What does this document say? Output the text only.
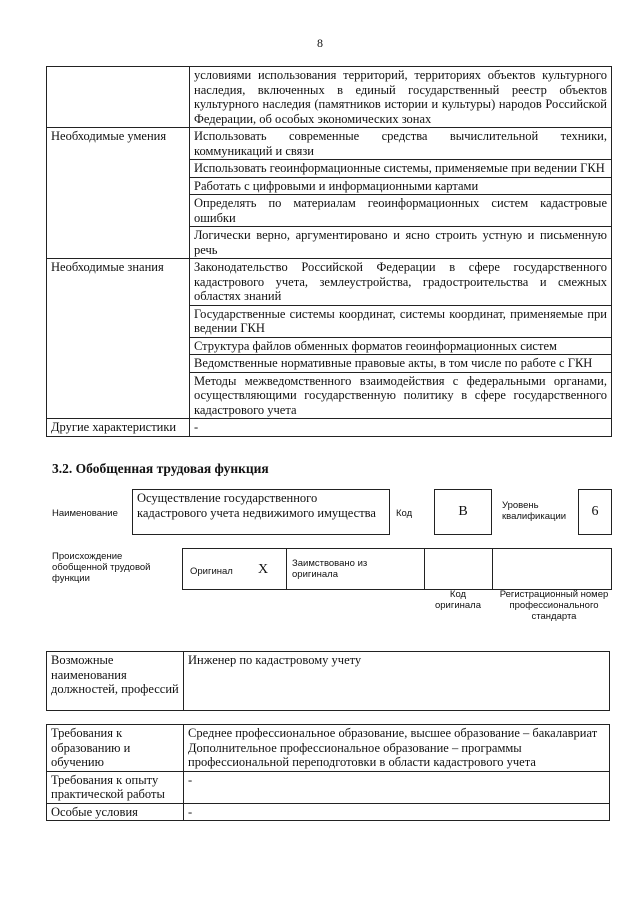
8
	условиями использования территорий, территориях объектов культурного наследия, включенных в единый государственный реестр объектов культурного наследия (памятников истории и культуры) народов Российской Федерации, об особых экономических зонах
Необходимые умения	Использовать современные средства вычислительной техники, коммуникаций и связи
	Использовать геоинформационные системы, применяемые при ведении ГКН
	Работать с цифровыми и информационными картами
	Определять по материалам геоинформационных систем кадастровые ошибки
	Логически верно, аргументировано и ясно строить устную и письменную речь
Необходимые знания	Законодательство Российской Федерации в сфере государственного кадастрового учета, землеустройства, градостроительства и смежных областях знаний
	Государственные системы координат, системы координат, применяемые при ведении ГКН
	Структура файлов обменных форматов геоинформационных систем
	Ведомственные нормативные правовые акты, в том числе по работе с ГКН
	Методы межведомственного взаимодействия с федеральными органами, осуществляющими государственную политику в сфере государственного кадастрового учета
Другие характеристики	-
3.2. Обобщенная трудовая функция
Наименование
Осуществление государственного кадастрового учета недвижимого имущества	Код	В	Уровень квалификации	6
Происхождение обобщенной трудовой функции
Оригинал Х	Заимствовано из оригинала
Код оригинала
Регистрационный номер профессионального стандарта
Возможные наименования должностей, профессий	Инженер по кадастровому учету
Требования к образованию и обучению	Среднее профессиональное образование, высшее образование – бакалавриат
Дополнительное профессиональное образование – программы профессиональной переподготовки в области кадастрового учета

Требования к опыту практической работы	-
Особые условия	-
